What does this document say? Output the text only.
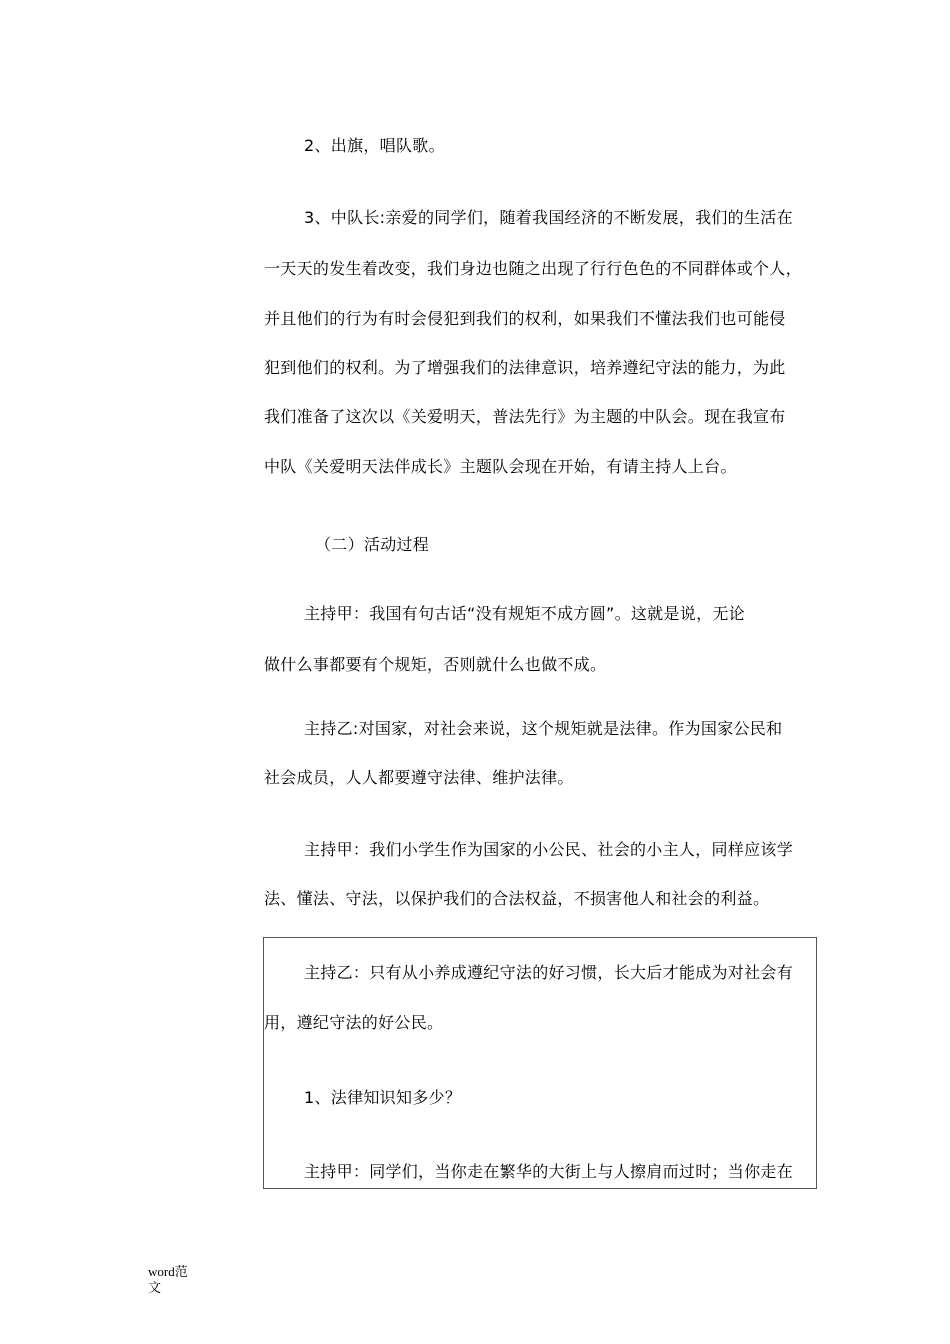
2、出旗，唱队歌。
3、中队长:亲爱的同学们，随着我国经济的不断发展，我们的生活在
一天天的发生着改变，我们身边也随之出现了行行色色的不同群体或个人，
并且他们的行为有时会侵犯到我们的权利，如果我们不懂法我们也可能侵
犯到他们的权利。为了增强我们的法律意识，培养遵纪守法的能力，为此
我们准备了这次以《关爱明天，普法先行》为主题的中队会。现在我宣布
中队《关爱明天法伴成长》主题队会现在开始，有请主持人上台。
（二）活动过程
主持甲：我国有句古话“没有规矩不成方圆”。这就是说，无论
做什么事都要有个规矩，否则就什么也做不成。
主持乙:对国家，对社会来说，这个规矩就是法律。作为国家公民和
社会成员，人人都要遵守法律、维护法律。
主持甲：我们小学生作为国家的小公民、社会的小主人，同样应该学
法、懂法、守法，以保护我们的合法权益，不损害他人和社会的利益。
主持乙：只有从小养成遵纪守法的好习惯，长大后才能成为对社会有
用，遵纪守法的好公民。
1、法律知识知多少？
主持甲：同学们，当你走在繁华的大街上与人擦肩而过时；当你走在
word范
文
